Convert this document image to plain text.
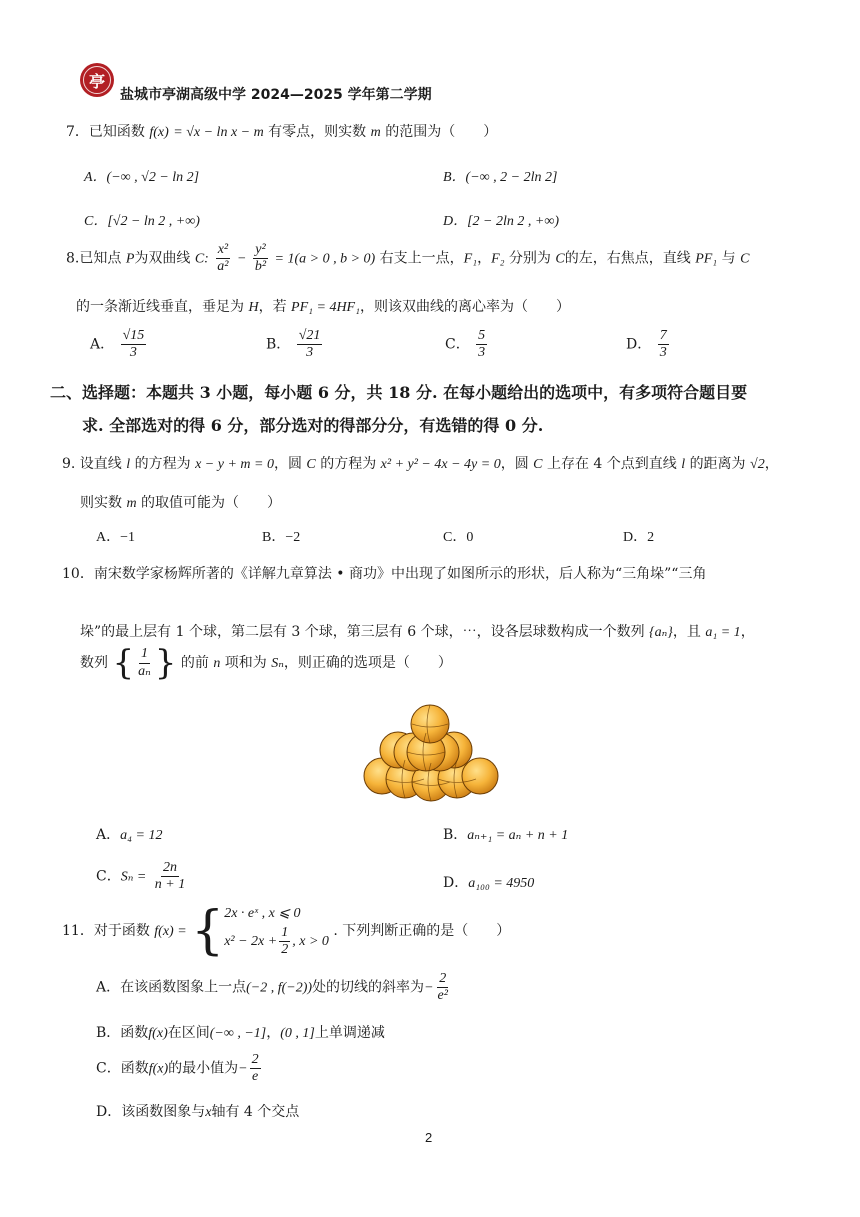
亭
盐城市亭湖高级中学 2024—2025 学年第二学期
7．已知函数 f(x) = √x − ln x − m 有零点，则实数 m 的范围为（　　）
A．(−∞ , √2 − ln 2]	B．(−∞ , 2 − 2ln 2]
C．[√2 − ln 2 , +∞)	D．[2 − 2ln 2 , +∞)
8.已知点 P为双曲线 C: $\frac{\text{x²}}{\text{a²}} - \frac{\text{y²}}{\text{b²}} = 1(a > 0$ , b > 0) 右支上一点，F₁，F₂ 分别为 C的左，右焦点，直线 PF₁ 与 C
的一条渐近线垂直，垂足为 H，若 PF₁ = 4HF₁，则该双曲线的离心率为（　　）
A． $\frac{√15}{3}$	B． $\frac{√21}{3}$	C． $\frac{5}{3}$	D． $\frac{7}{3}$
二、选择题：本题共 3 小题，每小题 6 分，共 18 分. 在每小题给出的选项中，有多项符合题目要
求. 全部选对的得 6 分，部分选对的得部分分，有选错的得 0 分.
9. 设直线 l 的方程为 x − y + m = 0，圆 C 的方程为 x² + y² − 4x − 4y = 0，圆 C 上存在 4 个点到直线 l 的距离为 √2，
则实数 m 的取值可能为（　　）
A．−1	B．−2	C．0	D．2
10．南宋数学家杨辉所著的《详解九章算法 • 商功》中出现了如图所示的形状，后人称为“三角垛”“三角
垛”的最上层有 1 个球，第二层有 3 个球，第三层有 6 个球，⋯，设各层球数构成一个数列 {aₙ}，且 a₁ = 1，
数列 { $\frac{1}{\text{aₙ}}$ } 的前 n 项和为 Sₙ，则正确的选项是（　　）
A．a₄ = 12	B．aₙ₊₁ = aₙ + n + 1
C．$S_n = \frac{2n}{n + 1}$	D．a₁₀₀ = 4950
11．对于函数 f(x) = { 2x · eˣ , x ⩽ 0
$x^2 - 2x + \frac{1}{2}$ , x > 0
. 下列判断正确的是（　　）
A．在该函数图象上一点(−2 , f(−2))处的切线的斜率为− $\frac{2}{\text{e²}}$
B．函数f(x)在区间(−∞ , −1]，(0 , 1]上单调递减
C．函数f(x)的最小值为− $\frac{2}{e}$
D．该函数图象与x轴有 4 个交点
2
